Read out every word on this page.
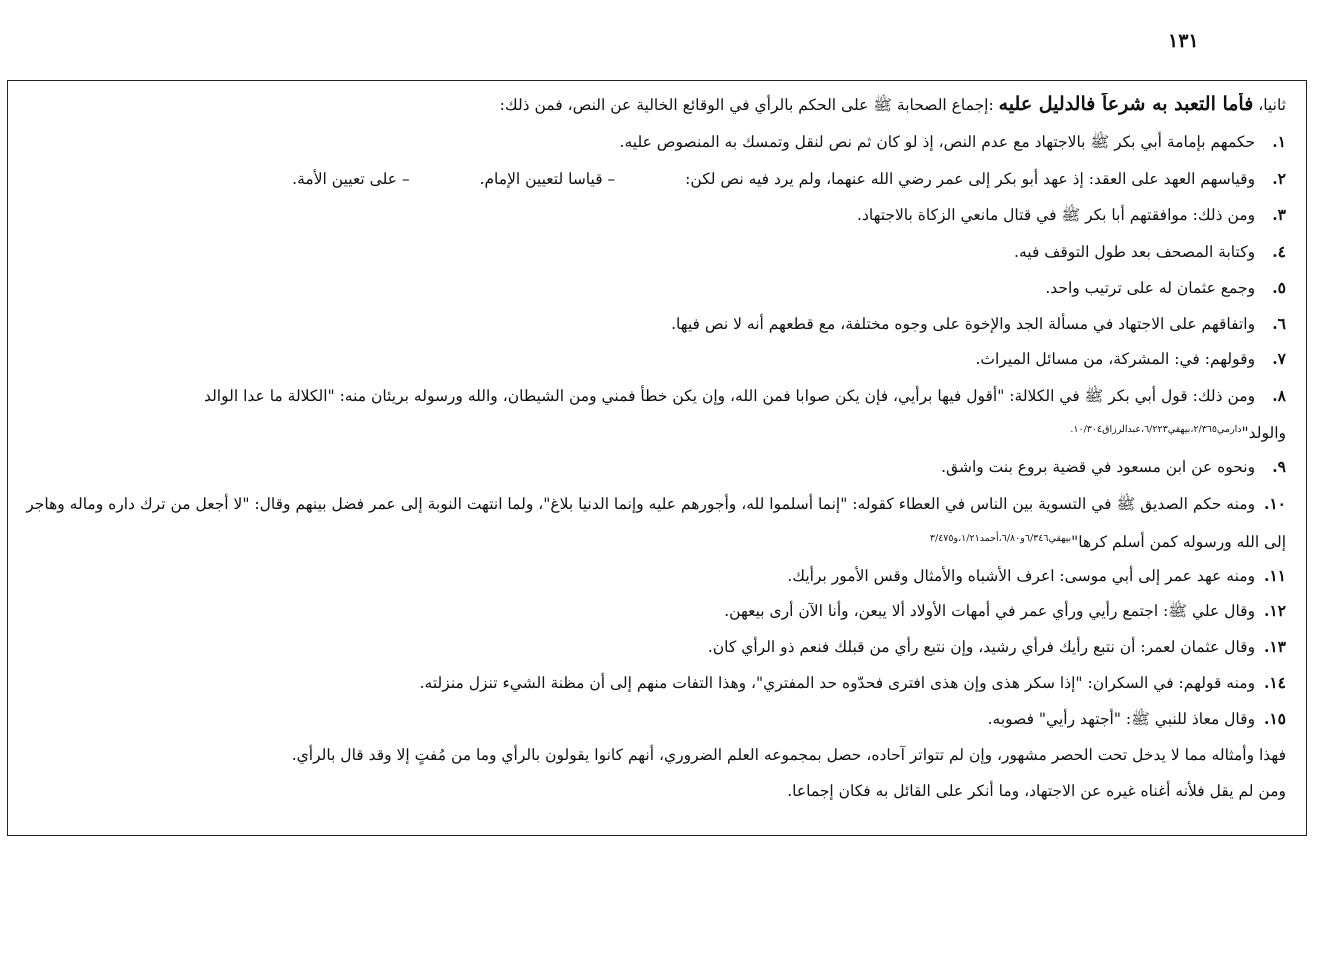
١٣١
ثانيا، فأما التعبد به شرعاً فالدليل عليه :إجماع الصحابة ﷺ على الحكم بالرأي في الوقائع الخالية عن النص، فمن ذلك:
١. حكمهم بإمامة أبي بكر ﷺ بالاجتهاد مع عدم النص، إذ لو كان ثم نص لنقل وتمسك به المنصوص عليه.
٢. وقياسهم العهد على العقد: إذ عهد أبو بكر إلى عمر رضي الله عنهما، ولم يرد فيه نص لكن:  – قياسا لتعيين الإمام.  – على تعيين الأمة.
٣. ومن ذلك: موافقتهم أبا بكر ﷺ في قتال مانعي الزكاة بالاجتهاد.
٤. وكتابة المصحف بعد طول التوقف فيه.
٥. وجمع عثمان له على ترتيب واحد.
٦. واتفاقهم على الاجتهاد في مسألة الجد والإخوة على وجوه مختلفة، مع قطعهم أنه لا نص فيها.
٧. وقولهم: في: المشركة، من مسائل الميراث.
٨. ومن ذلك: قول أبي بكر ﷺ في الكلالة: "أقول فيها برأيي، فإن يكن صوابا فمن الله، وإن يكن خطأ فمني ومن الشيطان، والله ورسوله بريئان منه: "الكلالة ما عدا الوالد
والولد"$^{دارمي٢/٣٦٥،بيهقي٦/٢٢٣،عبدالرزاق١٠/٣٠٤.}$
٩. ونحوه عن ابن مسعود في قضية بروع بنت واشق.
١٠. ومنه حكم الصديق ﷺ في التسوية بين الناس في العطاء كقوله: "إنما أسلموا لله، وأجورهم عليه وإنما الدنيا بلاغ"، ولما انتهت النوبة إلى عمر فضل بينهم وقال: "لا أجعل من ترك داره وماله وهاجر
إلى الله ورسوله كمن أسلم كرها"$^{بيهقي٦/٣٤٦و٦/٨٠،أحمد١/٢١،و٣/٤٧٥}$
١١. ومنه عهد عمر إلى أبي موسى: اعرف الأشباه والأمثال وقس الأمور برأيك.
١٢. وقال علي ﷺ: اجتمع رأيي ورأي عمر في أمهات الأولاد ألا يبعن، وأنا الآن أرى بيعهن.
١٣. وقال عثمان لعمر: أن نتبع رأيك فرأي رشيد، وإن نتبع رأي من قبلك فنعم ذو الرأي كان.
١٤. ومنه قولهم: في السكران: "إذا سكر هذى وإن هذى افترى فحدّوه حد المفتري"، وهذا التفات منهم إلى أن مظنة الشيء تنزل منزلته.
١٥. وقال معاذ للنبي ﷺ: "أجتهد رأيي" فصوبه.
فهذا وأمثاله مما لا يدخل تحت الحصر مشهور، وإن لم تتواتر آحاده، حصل بمجموعه العلم الضروري، أنهم كانوا يقولون بالرأي وما من مُفتٍ إلا وقد قال بالرأي.
ومن لم يقل فلأنه أغناه غيره عن الاجتهاد، وما أنكر على القائل به فكان إجماعا.
